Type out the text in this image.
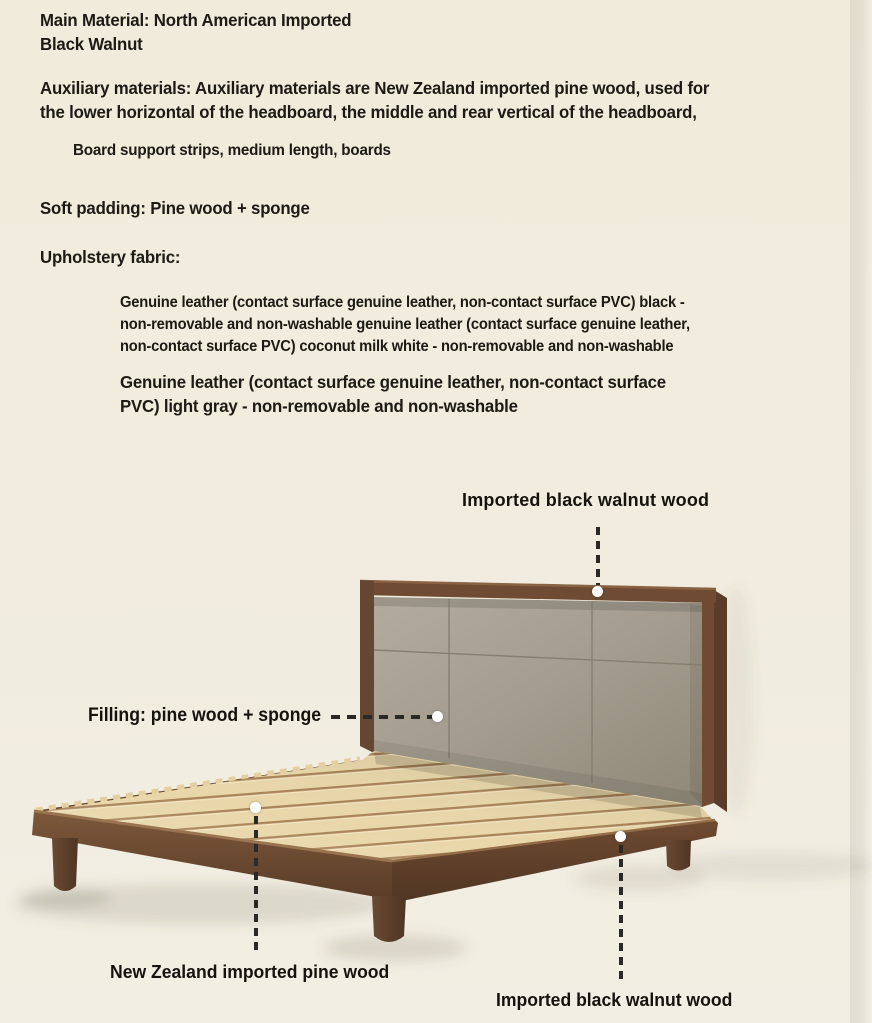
Main Material: North American Imported
Black Walnut
Auxiliary materials: Auxiliary materials are New Zealand imported pine wood, used for
the lower horizontal of the headboard, the middle and rear vertical of the headboard,
Board support strips, medium length, boards
Soft padding: Pine wood + sponge
Upholstery fabric:
Genuine leather (contact surface genuine leather, non-contact surface PVC) black -
non-removable and non-washable genuine leather (contact surface genuine leather,
non-contact surface PVC) coconut milk white - non-removable and non-washable
Genuine leather (contact surface genuine leather, non-contact surface
PVC) light gray - non-removable and non-washable
Imported black walnut wood
Filling: pine wood + sponge
New Zealand imported pine wood
Imported black walnut wood
